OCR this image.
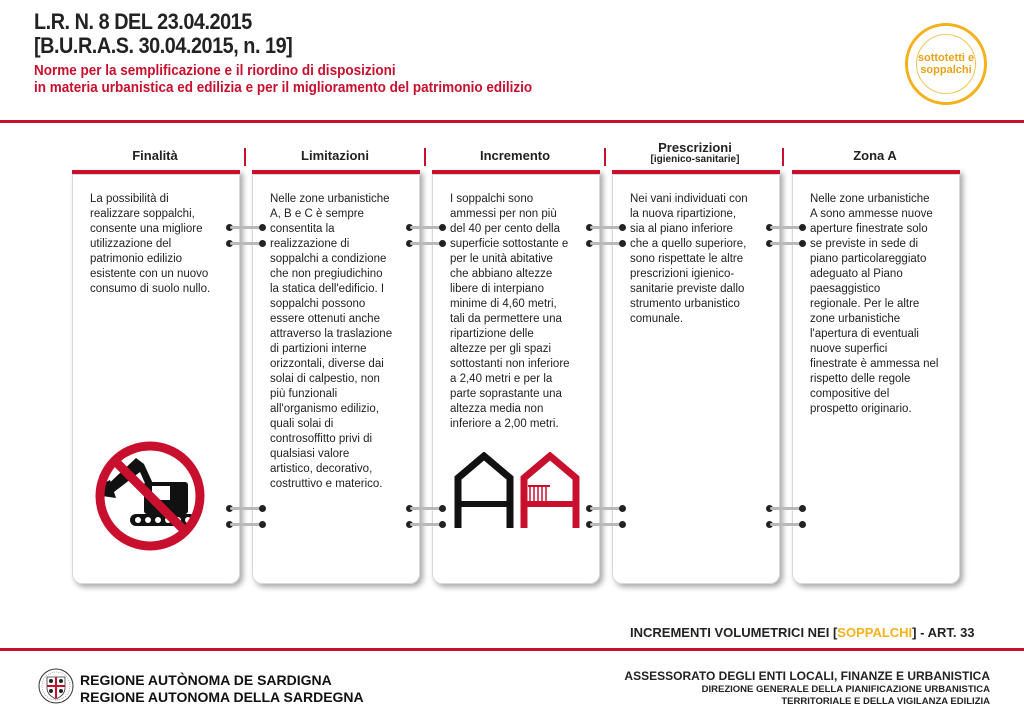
L.R. N. 8 DEL 23.04.2015
[B.U.R.A.S. 30.04.2015, n. 19]
Norme per la semplificazione e il riordino di disposizioni
in materia urbanistica ed edilizia e per il miglioramento del patrimonio edilizio
sottotetti e
soppalchi
Finalità	Limitazioni	Incremento
Prescrizioni
[igienico-sanitarie]	Zona A
La possibilità di
realizzare soppalchi,
consente una migliore
utilizzazione del
patrimonio edilizio
esistente con un nuovo
consumo di suolo nullo.
Nelle zone urbanistiche
A, B e C è sempre
consentita la
realizzazione di
soppalchi a condizione
che non pregiudichino
la statica dell'edificio. I
soppalchi possono
essere ottenuti anche
attraverso la traslazione
di partizioni interne
orizzontali, diverse dai
solai di calpestio, non
più funzionali
all'organismo edilizio,
quali solai di
controsoffitto privi di
qualsiasi valore
artistico, decorativo,
costruttivo e materico.
I soppalchi sono
ammessi per non più
del 40 per cento della
superficie sottostante e
per le unità abitative
che abbiano altezze
libere di interpiano
minime di 4,60 metri,
tali da permettere una
ripartizione delle
altezze per gli spazi
sottostanti non inferiore
a 2,40 metri e per la
parte soprastante una
altezza media non
inferiore a 2,00 metri.
Nei vani individuati con
la nuova ripartizione,
sia al piano inferiore
che a quello superiore,
sono rispettate le altre
prescrizioni igienico-
sanitarie previste dallo
strumento urbanistico
comunale.
Nelle zone urbanistiche
A sono ammesse nuove
aperture finestrate solo
se previste in sede di
piano particolareggiato
adeguato al Piano
paesaggistico
regionale. Per le altre
zone urbanistiche
l'apertura di eventuali
nuove superfici
finestrate è ammessa nel
rispetto delle regole
compositive del
prospetto originario.
INCREMENTI VOLUMETRICI NEI [SOPPALCHI] - ART. 33
REGIONE AUTÒNOMA DE SARDIGNA
REGIONE AUTONOMA DELLA SARDEGNA
ASSESSORATO DEGLI ENTI LOCALI, FINANZE E URBANISTICA
DIREZIONE GENERALE DELLA PIANIFICAZIONE URBANISTICA
TERRITORIALE E DELLA VIGILANZA EDILIZIA
